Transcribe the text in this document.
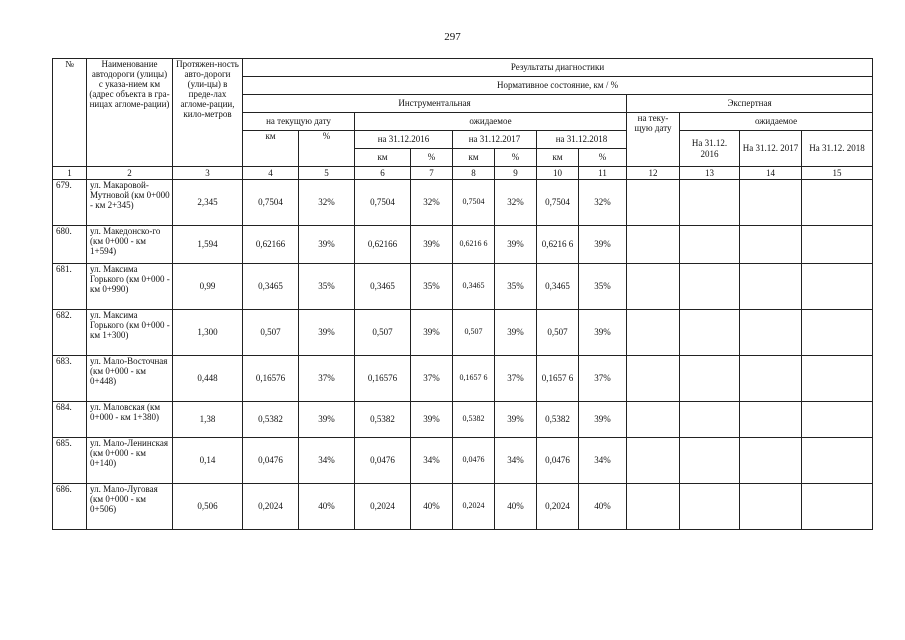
297
№	Наименование автодороги (улицы) с указа-нием км (адрес объекта в гра-ницах агломе-рации)	Протяжен-ность авто-дороги (ули-цы) в преде-лах агломе-рации, кило-метров	Результаты диагностики											
			Нормативное состояние, км / %											
			Инструментальная								Экспертная			
			на текущую дату		ожидаемое						на теку-щую дату	ожидаемое		
			км	%	на 31.12.2016		на 31.12.2017		на 31.12.2018			На 31.12. 2016	На 31.12. 2017	На 31.12. 2018
					км	%	км	%	км	%				
1	2	3	4	5	6	7	8	9	10	11	12	13	14	15
679.	ул. Макаровой-Мутновой (км 0+000 - км 2+345)	2,345	0,7504	32%	0,7504	32%	0,7504	32%	0,7504	32%				
680.	ул. Македонско-го (км 0+000 - км 1+594)	1,594	0,62166	39%	0,62166	39%	0,6216 6	39%	0,6216 6	39%				
681.	ул. Максима Горького (км 0+000 - км 0+990)	0,99	0,3465	35%	0,3465	35%	0,3465	35%	0,3465	35%				
682.	ул. Максима Горького (км 0+000 - км 1+300)	1,300	0,507	39%	0,507	39%	0,507	39%	0,507	39%				
683.	ул. Мало-Восточная (км 0+000 - км 0+448)	0,448	0,16576	37%	0,16576	37%	0,1657 6	37%	0,1657 6	37%				
684.	ул. Маловская (км 0+000 - км 1+380)	1,38	0,5382	39%	0,5382	39%	0,5382	39%	0,5382	39%				
685.	ул. Мало-Ленинская (км 0+000 - км 0+140)	0,14	0,0476	34%	0,0476	34%	0,0476	34%	0,0476	34%				
686.	ул. Мало-Луговая (км 0+000 - км 0+506)	0,506	0,2024	40%	0,2024	40%	0,2024	40%	0,2024	40%				
